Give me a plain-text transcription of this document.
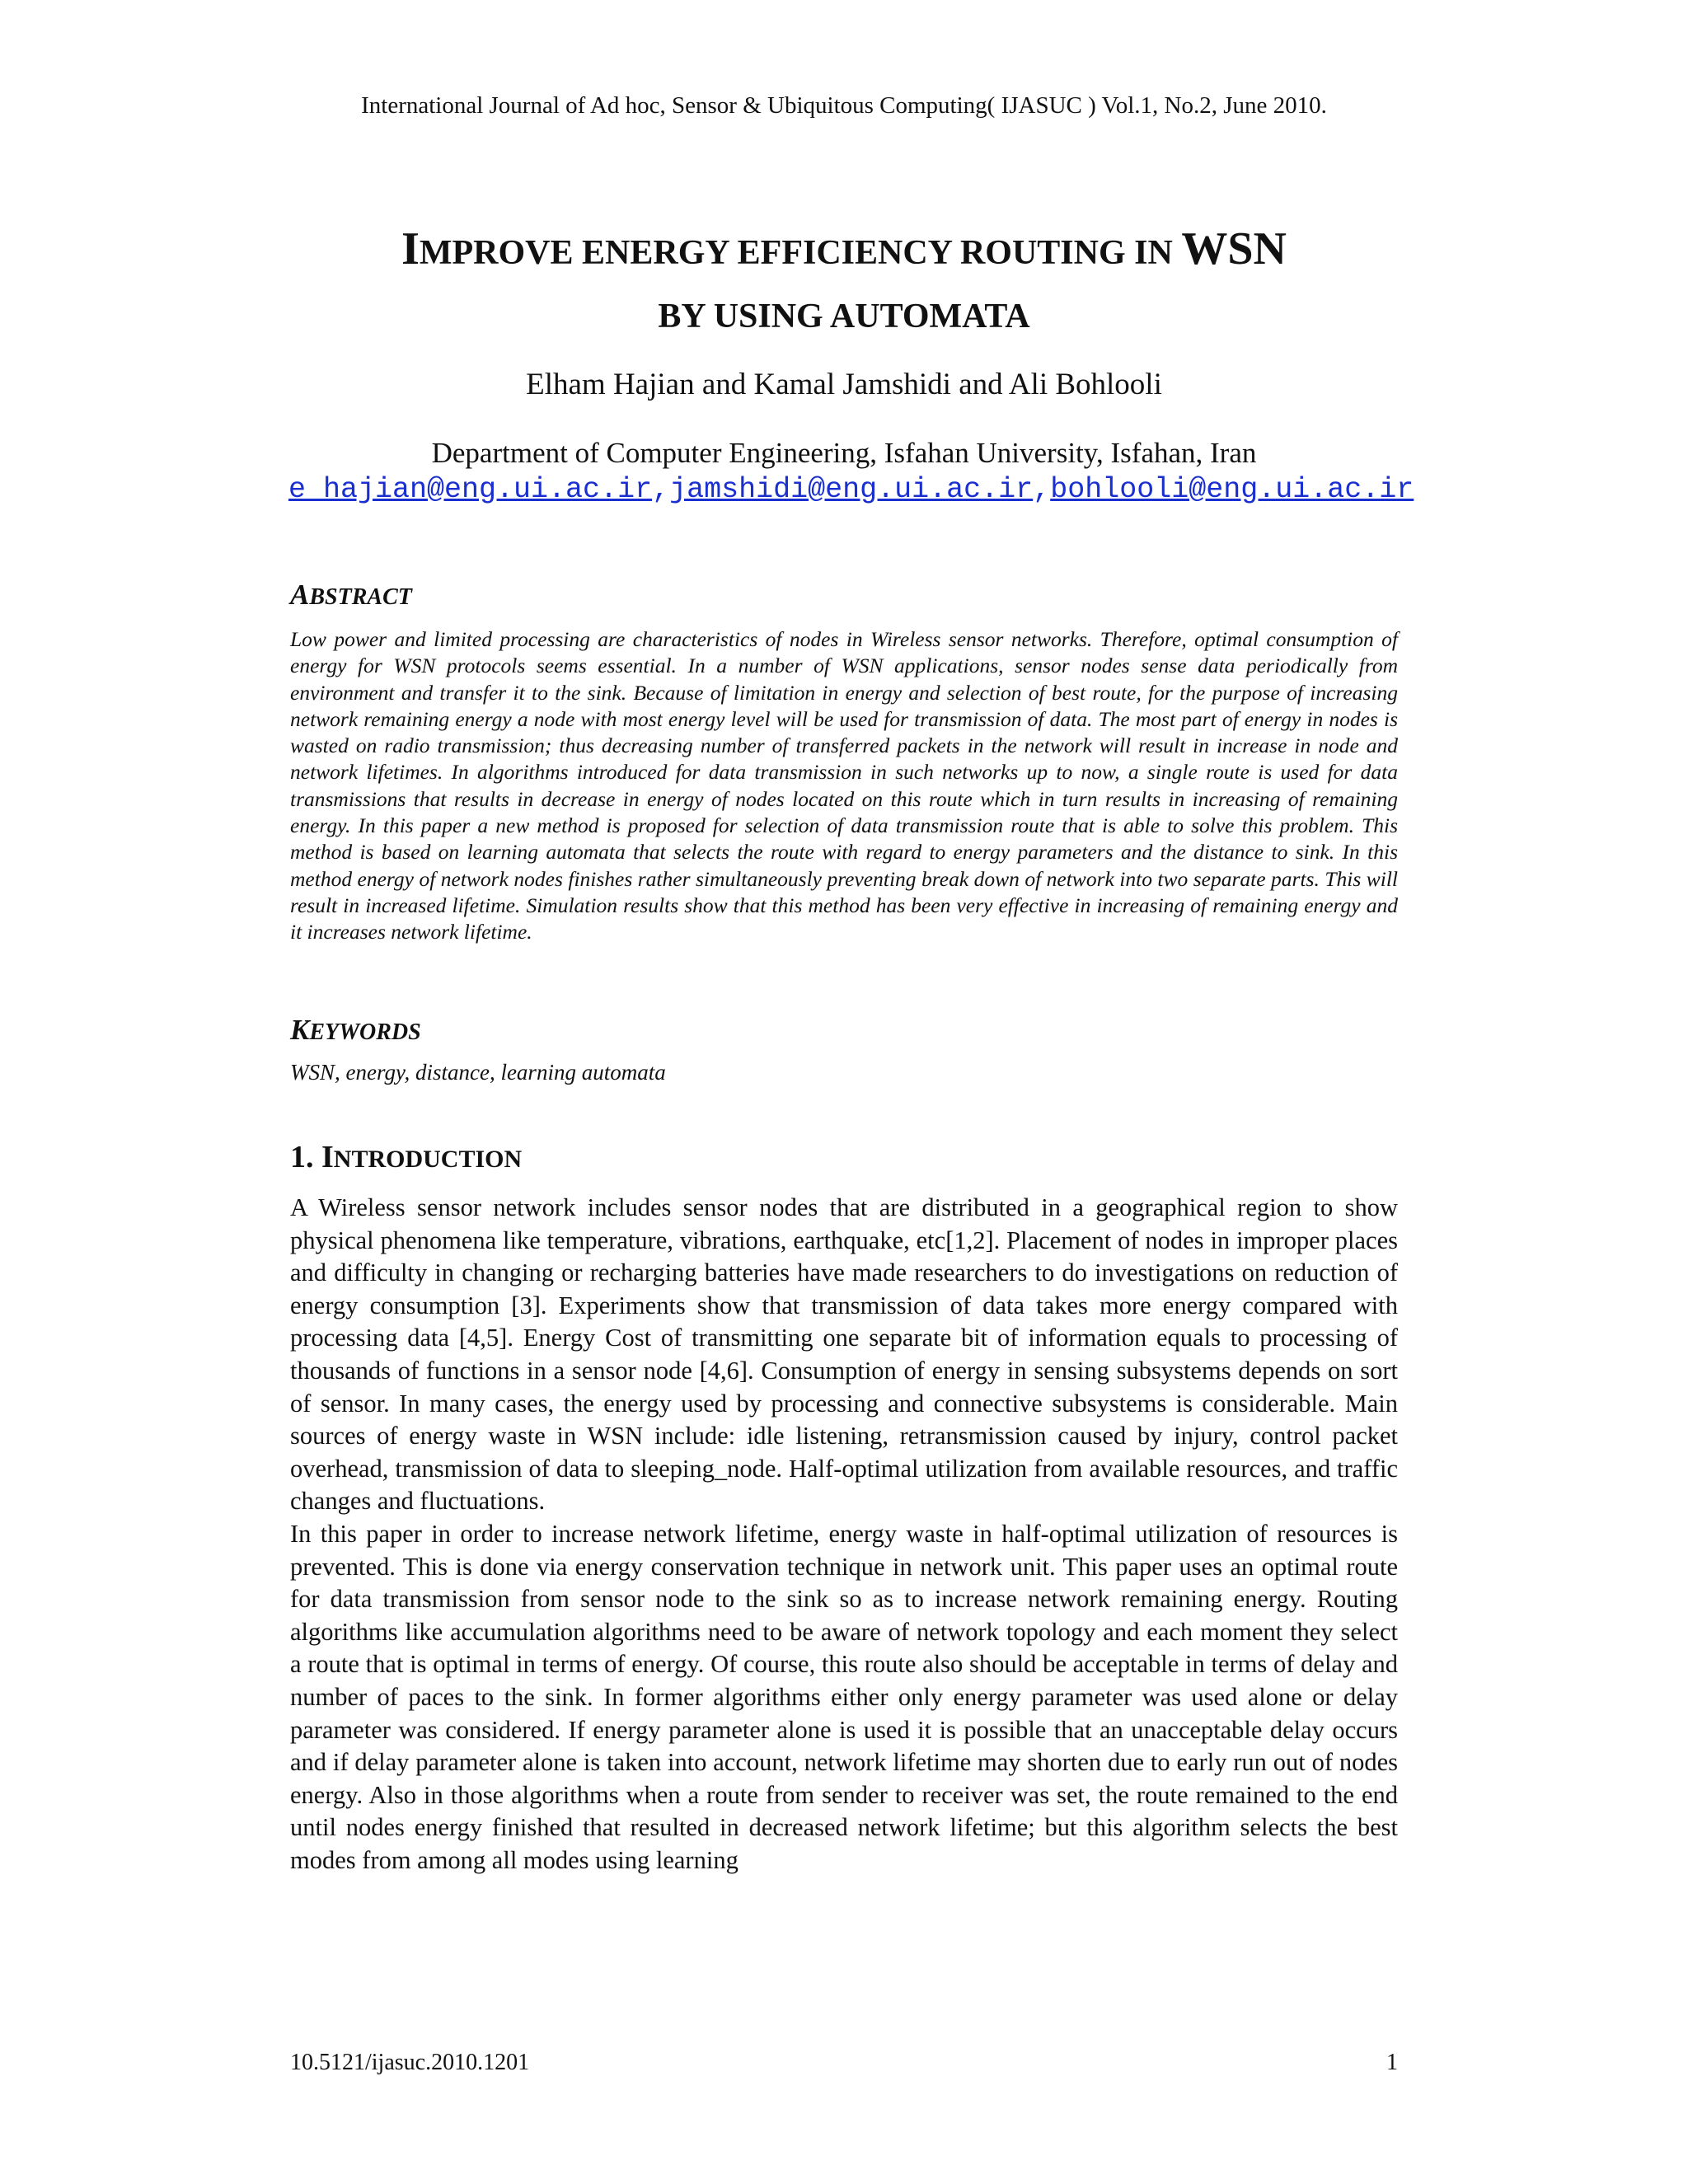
International Journal of Ad hoc, Sensor & Ubiquitous Computing( IJASUC ) Vol.1, No.2, June 2010.
IMPROVE ENERGY EFFICIENCY ROUTING IN WSN
BY USING AUTOMATA
Elham Hajian and Kamal Jamshidi and Ali Bohlooli
Department of Computer Engineering, Isfahan University, Isfahan, Iran
e_hajian@eng.ui.ac.ir,jamshidi@eng.ui.ac.ir,bohlooli@eng.ui.ac.ir
ABSTRACT
Low power and limited processing are characteristics of nodes in Wireless sensor networks. Therefore, optimal consumption of energy for WSN protocols seems essential. In a number of WSN applications, sensor nodes sense data periodically from environment and transfer it to the sink. Because of limitation in energy and selection of best route, for the purpose of increasing network remaining energy a node with most energy level will be used for transmission of data. The most part of energy in nodes is wasted on radio transmission; thus decreasing number of transferred packets in the network will result in increase in node and network lifetimes. In algorithms introduced for data transmission in such networks up to now, a single route is used for data transmissions that results in decrease in energy of nodes located on this route which in turn results in increasing of remaining energy. In this paper a new method is proposed for selection of data transmission route that is able to solve this problem. This method is based on learning automata that selects the route with regard to energy parameters and the distance to sink. In this method energy of network nodes finishes rather simultaneously preventing break down of network into two separate parts. This will result in increased lifetime. Simulation results show that this method has been very effective in increasing of remaining energy and it increases network lifetime.
KEYWORDS
WSN, energy, distance, learning automata
1. INTRODUCTION

A Wireless sensor network includes sensor nodes that are distributed in a geographical region to show physical phenomena like temperature, vibrations, earthquake, etc[1,2]. Placement of nodes in improper places and difficulty in changing or recharging batteries have made researchers to do investigations on reduction of energy consumption [3]. Experiments show that transmission of data takes more energy compared with processing data [4,5]. Energy Cost of transmitting one separate bit of information equals to processing of thousands of functions in a sensor node [4,6]. Consumption of energy in sensing subsystems depends on sort of sensor. In many cases, the energy used by processing and connective subsystems is considerable. Main sources of energy waste in WSN include: idle listening, retransmission caused by injury, control packet overhead, transmission of data to sleeping_node. Half-optimal utilization from available resources, and traffic changes and fluctuations.

In this paper in order to increase network lifetime, energy waste in half-optimal utilization of resources is prevented. This is done via energy conservation technique in network unit. This paper uses an optimal route for data transmission from sensor node to the sink so as to increase network remaining energy. Routing algorithms like accumulation algorithms need to be aware of network topology and each moment they select a route that is optimal in terms of energy. Of course, this route also should be acceptable in terms of delay and number of paces to the sink. In former algorithms either only energy parameter was used alone or delay parameter was considered. If energy parameter alone is used it is possible that an unacceptable delay occurs and if delay parameter alone is taken into account, network lifetime may shorten due to early run out of nodes energy. Also in those algorithms when a route from sender to receiver was set, the route remained to the end until nodes energy finished that resulted in decreased network lifetime; but this algorithm selects the best modes from among all modes using learning

10.5121/ijasuc.2010.1201	1
